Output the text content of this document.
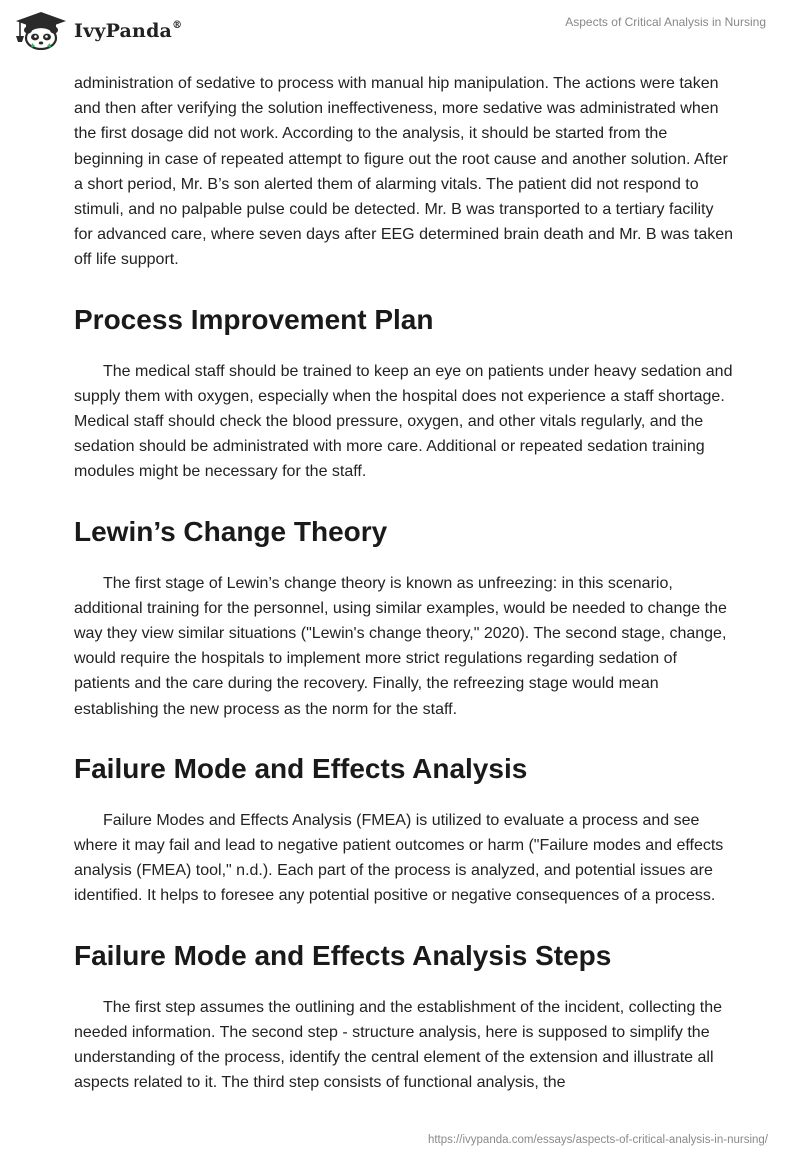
IvyPanda®	Aspects of Critical Analysis in Nursing

administration of sedative to process with manual hip manipulation. The actions were taken and then after verifying the solution ineffectiveness, more sedative was administrated when the first dosage did not work. According to the analysis, it should be started from the beginning in case of repeated attempt to figure out the root cause and another solution. After a short period, Mr. B’s son alerted them of alarming vitals. The patient did not respond to stimuli, and no palpable pulse could be detected. Mr. B was transported to a tertiary facility for advanced care, where seven days after EEG determined brain death and Mr. B was taken off life support.

Process Improvement Plan

The medical staff should be trained to keep an eye on patients under heavy sedation and supply them with oxygen, especially when the hospital does not experience a staff shortage. Medical staff should check the blood pressure, oxygen, and other vitals regularly, and the sedation should be administrated with more care. Additional or repeated sedation training modules might be necessary for the staff.

Lewin’s Change Theory

The first stage of Lewin’s change theory is known as unfreezing: in this scenario, additional training for the personnel, using similar examples, would be needed to change the way they view similar situations ("Lewin's change theory," 2020). The second stage, change, would require the hospitals to implement more strict regulations regarding sedation of patients and the care during the recovery. Finally, the refreezing stage would mean establishing the new process as the norm for the staff.

Failure Mode and Effects Analysis

Failure Modes and Effects Analysis (FMEA) is utilized to evaluate a process and see where it may fail and lead to negative patient outcomes or harm ("Failure modes and effects analysis (FMEA) tool," n.d.). Each part of the process is analyzed, and potential issues are identified. It helps to foresee any potential positive or negative consequences of a process.

Failure Mode and Effects Analysis Steps

The first step assumes the outlining and the establishment of the incident, collecting the needed information. The second step - structure analysis, here is supposed to simplify the understanding of the process, identify the central element of the extension and illustrate all aspects related to it. The third step consists of functional analysis, the

https://ivypanda.com/essays/aspects-of-critical-analysis-in-nursing/
